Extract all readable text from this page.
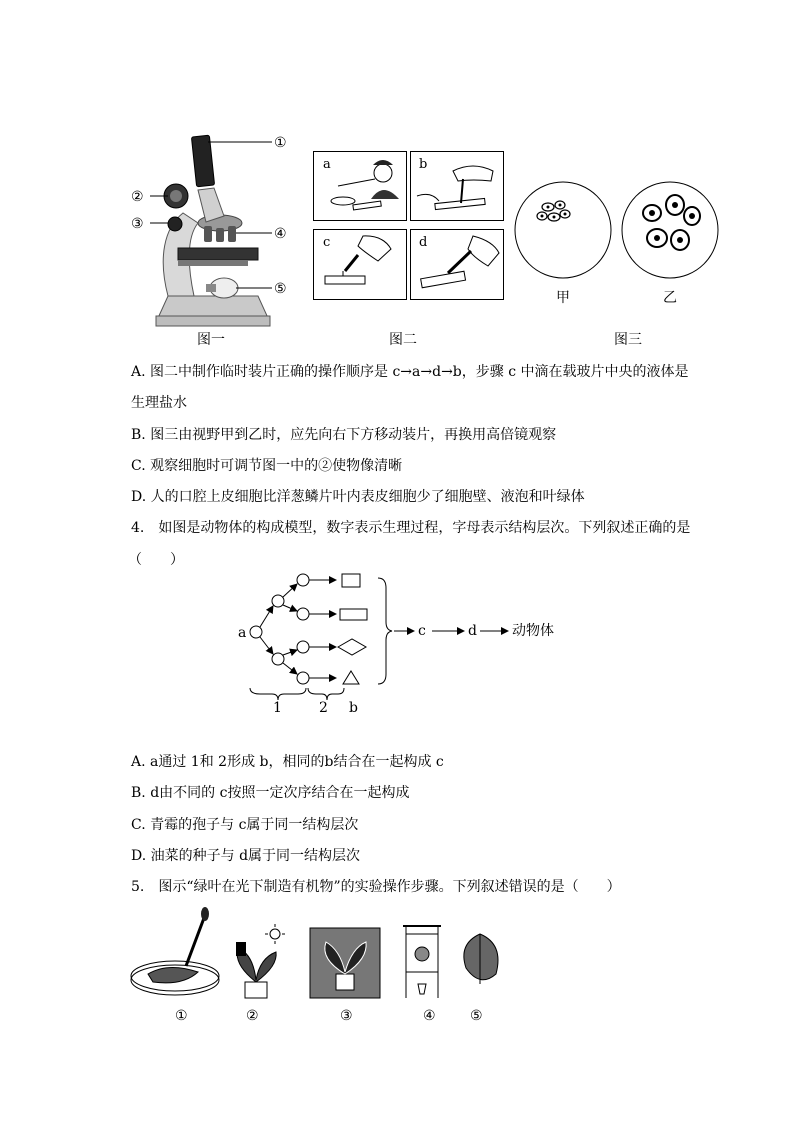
①
②
③
④
⑤
图一
a	b
c	d
图二
甲	乙
图三
A. 图二中制作临时装片正确的操作顺序是 c→a→d→b，步骤 c 中滴在载玻片中央的液体是
生理盐水
B. 图三由视野甲到乙时，应先向右下方移动装片，再换用高倍镜观察
C. 观察细胞时可调节图一中的②使物像清晰
D. 人的口腔上皮细胞比洋葱鳞片叶内表皮细胞少了细胞壁、液泡和叶绿体
4.　如图是动物体的构成模型，数字表示生理过程，字母表示结构层次。下列叙述正确的是
（　　）
a	c	d	动物体
1	2 b
A. a通过 1和 2形成 b，相同的b结合在一起构成 c
B. d由不同的 c按照一定次序结合在一起构成
C. 青霉的孢子与 c属于同一结构层次
D. 油菜的种子与 d属于同一结构层次
5.　图示“绿叶在光下制造有机物”的实验操作步骤。下列叙述错误的是（　　）
①	②	③	④ ⑤
